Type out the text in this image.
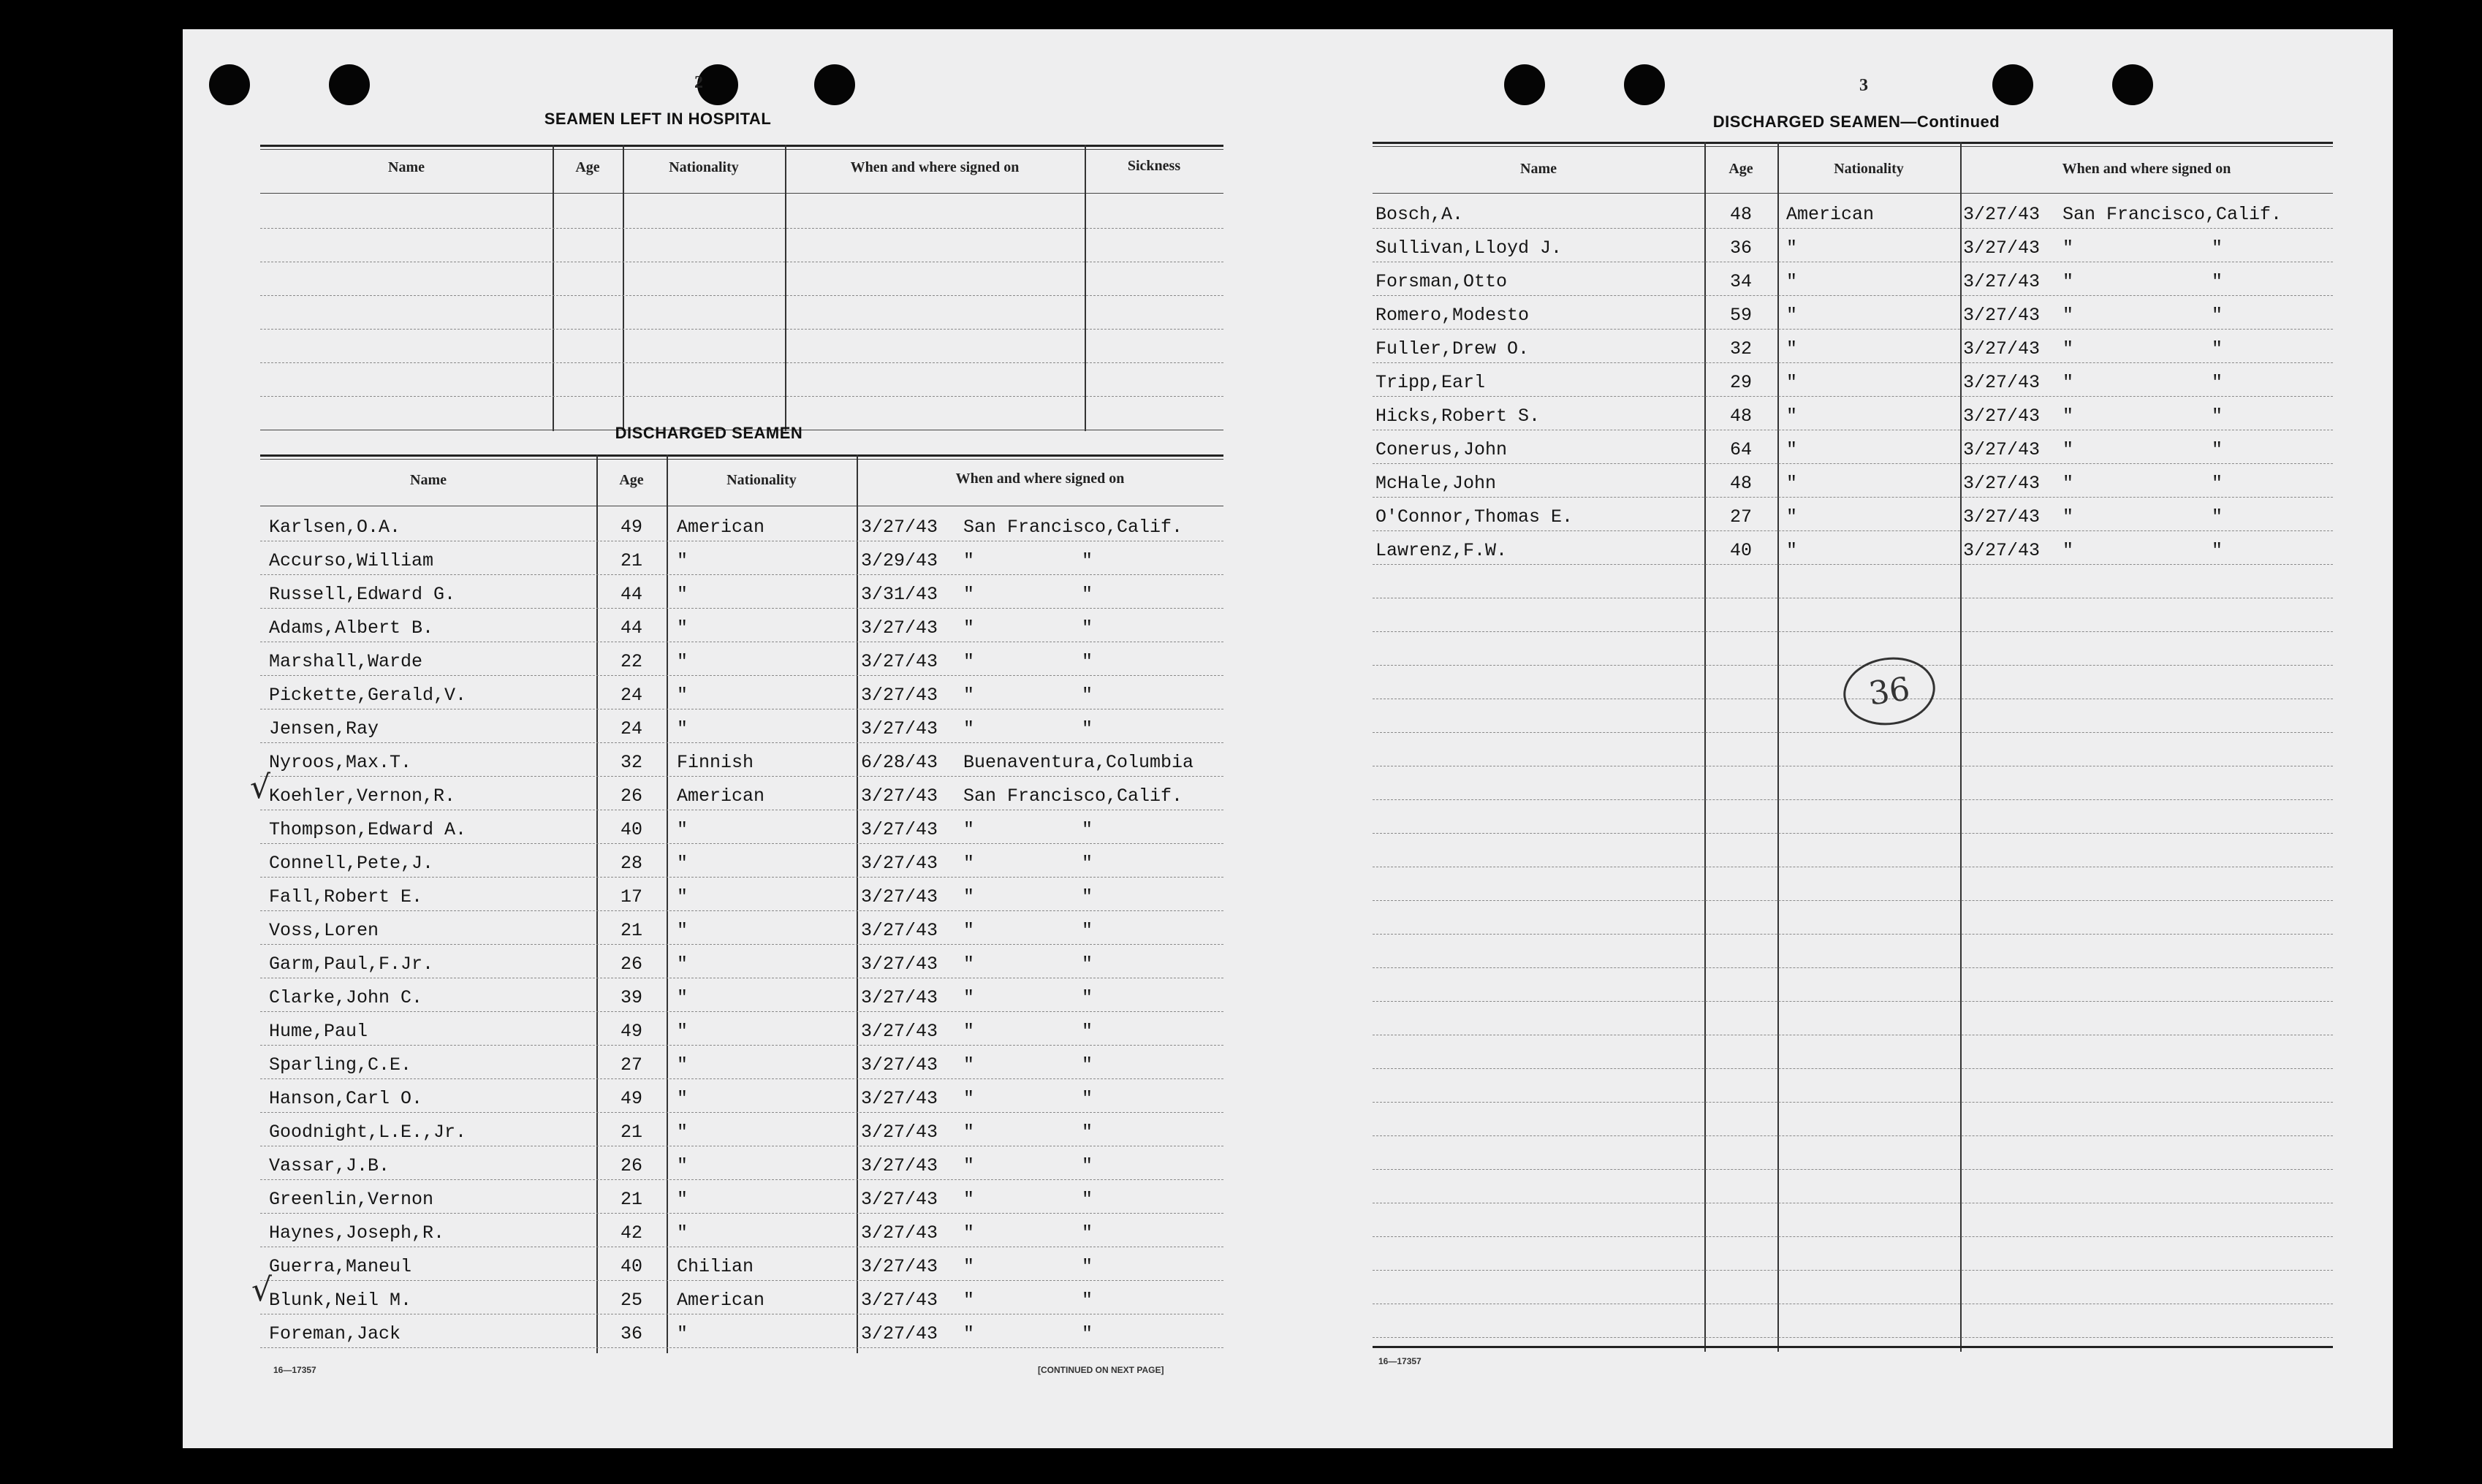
2
SEAMEN LEFT IN HOSPITAL
Name	Age	Nationality	When and where signed on	Sickness
DISCHARGED SEAMEN
Name	Age	Nationality	When and where signed on
Karlsen,O.A.	49	American	3/27/43	San Francisco,Calif.
Accurso,William	21	"	3/29/43	"	"
Russell,Edward G.	44	"	3/31/43	"	"
Adams,Albert B.	44	"	3/27/43	"	"
Marshall,Warde	22	"	3/27/43	"	"
Pickette,Gerald,V.	24	"	3/27/43	"	"
Jensen,Ray	24	"	3/27/43	"	"
Nyroos,Max.T.	32	Finnish	6/28/43	Buenaventura,Columbia
Koehler,Vernon,R.	26	American	3/27/43	San Francisco,Calif.
Thompson,Edward A.	40	"	3/27/43	"	"
Connell,Pete,J.	28	"	3/27/43	"	"
Fall,Robert E.	17	"	3/27/43	"	"
Voss,Loren	21	"	3/27/43	"	"
Garm,Paul,F.Jr.	26	"	3/27/43	"	"
Clarke,John C.	39	"	3/27/43	"	"
Hume,Paul	49	"	3/27/43	"	"
Sparling,C.E.	27	"	3/27/43	"	"
Hanson,Carl O.	49	"	3/27/43	"	"
Goodnight,L.E.,Jr.	21	"	3/27/43	"	"
Vassar,J.B.	26	"	3/27/43	"	"
Greenlin,Vernon	21	"	3/27/43	"	"
Haynes,Joseph,R.	42	"	3/27/43	"	"
Guerra,Maneul	40	Chilian	3/27/43	"	"
Blunk,Neil M.	25	American	3/27/43	"	"
Foreman,Jack	36	"	3/27/43	"	"
√
√
16—17357	[CONTINUED ON NEXT PAGE]
3
DISCHARGED SEAMEN—Continued
Name	Age	Nationality	When and where signed on
Bosch,A.	48	American	3/27/43	San Francisco,Calif.
Sullivan,Lloyd J.	36	"	3/27/43	"	"
Forsman,Otto	34	"	3/27/43	"	"
Romero,Modesto	59	"	3/27/43	"	"
Fuller,Drew O.	32	"	3/27/43	"	"
Tripp,Earl	29	"	3/27/43	"	"
Hicks,Robert S.	48	"	3/27/43	"	"
Conerus,John	64	"	3/27/43	"	"
McHale,John	48	"	3/27/43	"	"
O'Connor,Thomas E.	27	"	3/27/43	"	"
Lawrenz,F.W.	40	"	3/27/43	"	"
36
16—17357
